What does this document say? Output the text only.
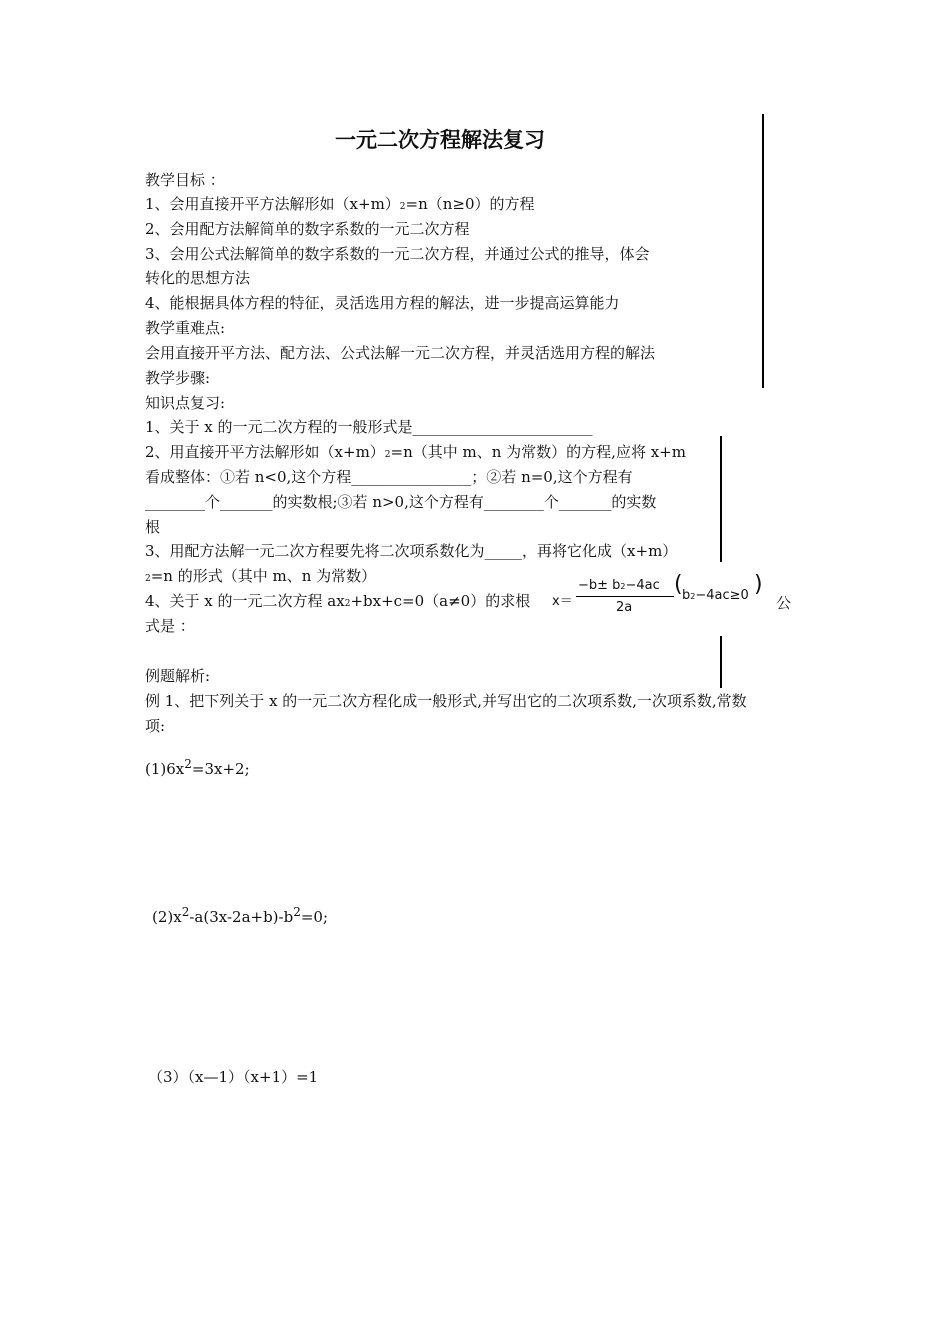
一元二次方程解法复习
教学目标 ：
1、会用直接开平方法解形如（x+m）2=n（n≥0）的方程
2、会用配方法解简单的数字系数的一元二次方程
3、会用公式法解简单的数字系数的一元二次方程，并通过公式的推导，体会
转化的思想方法
4、能根据具体方程的特征，灵活选用方程的解法，进一步提高运算能力
教学重难点:
会用直接开平方法、配方法、公式法解一元二次方程，并灵活选用方程的解法
教学步骤:
知识点复习:
1、关于 x 的一元二次方程的一般形式是________________________
2、用直接开平方法解形如（x+m）2=n（其中 m、n 为常数）的方程,应将 x+m
看成整体：①若 n<0,这个方程________________；②若 n=0,这个方程有
________个_______的实数根;③若 n>0,这个方程有________个_______的实数
根
3、用配方法解一元二次方程要先将二次项系数化为_____，再将它化成（x+m）
2=n 的形式（其中 m、n 为常数）
4、关于 x 的一元二次方程 ax2+bx+c=0（a≠0）的求根
式是 ：
x＝
−b± b2−4ac
2a
( b2−4ac≥0 )
公
例题解析:
例 1、把下列关于 x 的一元二次方程化成一般形式,并写出它的二次项系数,一次项系数,常数
项:
$(1)6x^2=3x+2$;
$(2)x^2-a(3x-2a+b)-b^2=0$;
（3）（x—1）（x+1）=1
